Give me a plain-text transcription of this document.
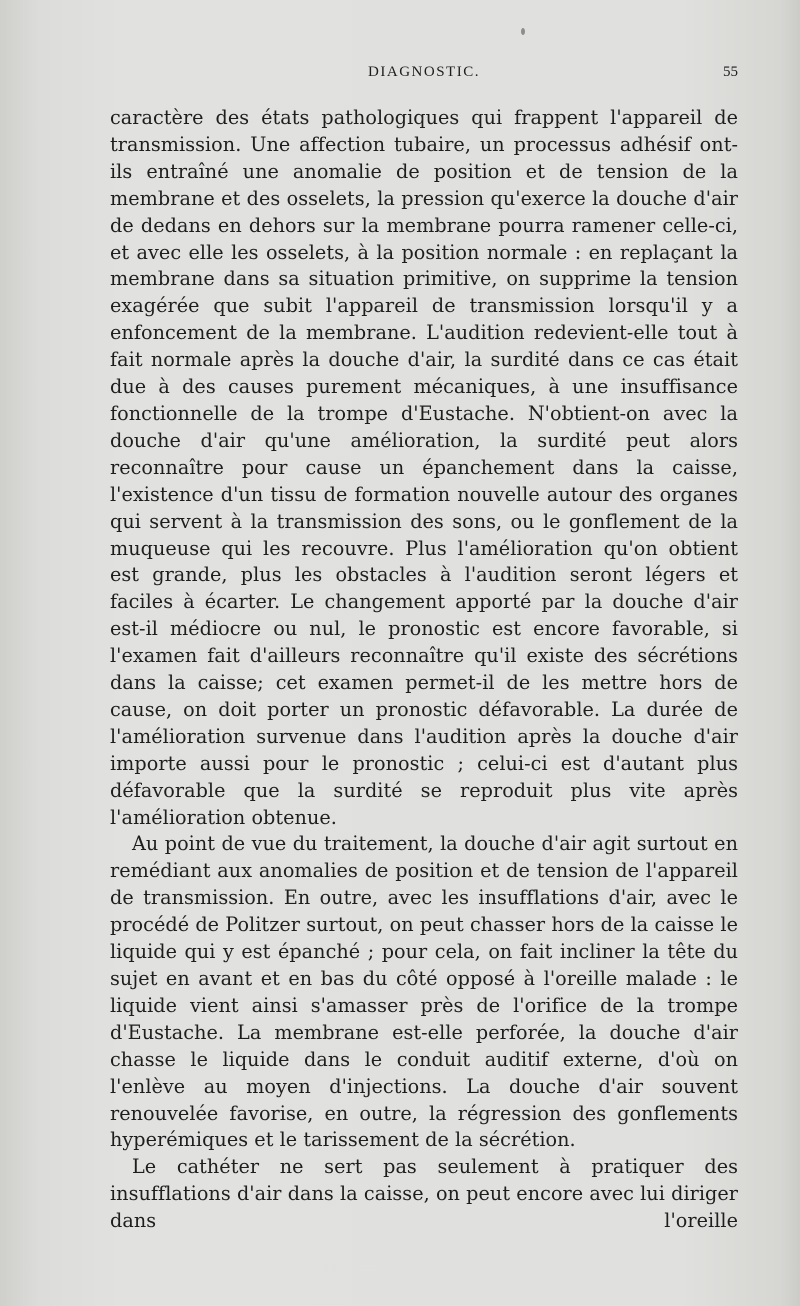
DIAGNOSTIC.	55

caractère des états pathologiques qui frappent l'appareil de transmission. Une affection tubaire, un processus adhésif ont-ils entraîné une anomalie de position et de tension de la membrane et des osselets, la pression qu'exerce la douche d'air de dedans en dehors sur la membrane pourra ramener celle-ci, et avec elle les osselets, à la position normale : en replaçant la membrane dans sa situation primitive, on supprime la tension exagérée que subit l'appareil de transmission lorsqu'il y a enfoncement de la membrane. L'audition redevient-elle tout à fait normale après la douche d'air, la surdité dans ce cas était due à des causes purement mécaniques, à une insuffisance fonctionnelle de la trompe d'Eustache. N'obtient-on avec la douche d'air qu'une amélioration, la surdité peut alors reconnaître pour cause un épanchement dans la caisse, l'existence d'un tissu de formation nouvelle autour des organes qui servent à la transmission des sons, ou le gonflement de la muqueuse qui les recouvre. Plus l'amélioration qu'on obtient est grande, plus les obstacles à l'audition seront légers et faciles à écarter. Le changement apporté par la douche d'air est-il médiocre ou nul, le pronostic est encore favorable, si l'examen fait d'ailleurs reconnaître qu'il existe des sécrétions dans la caisse; cet examen permet-il de les mettre hors de cause, on doit porter un pronostic défavorable. La durée de l'amélioration survenue dans l'audition après la douche d'air importe aussi pour le pronostic ; celui-ci est d'autant plus défavorable que la surdité se reproduit plus vite après l'amélioration obtenue.

Au point de vue du traitement, la douche d'air agit surtout en remédiant aux anomalies de position et de tension de l'appareil de transmission. En outre, avec les insufflations d'air, avec le procédé de Politzer surtout, on peut chasser hors de la caisse le liquide qui y est épanché ; pour cela, on fait incliner la tête du sujet en avant et en bas du côté opposé à l'oreille malade : le liquide vient ainsi s'amasser près de l'orifice de la trompe d'Eustache. La membrane est-elle perforée, la douche d'air chasse le liquide dans le conduit auditif externe, d'où on l'enlève au moyen d'injections. La douche d'air souvent renouvelée favorise, en outre, la régression des gonflements hyperémiques et le tarissement de la sécrétion.

Le cathéter ne sert pas seulement à pratiquer des insufflations d'air dans la caisse, on peut encore avec lui diriger dans l'oreille
